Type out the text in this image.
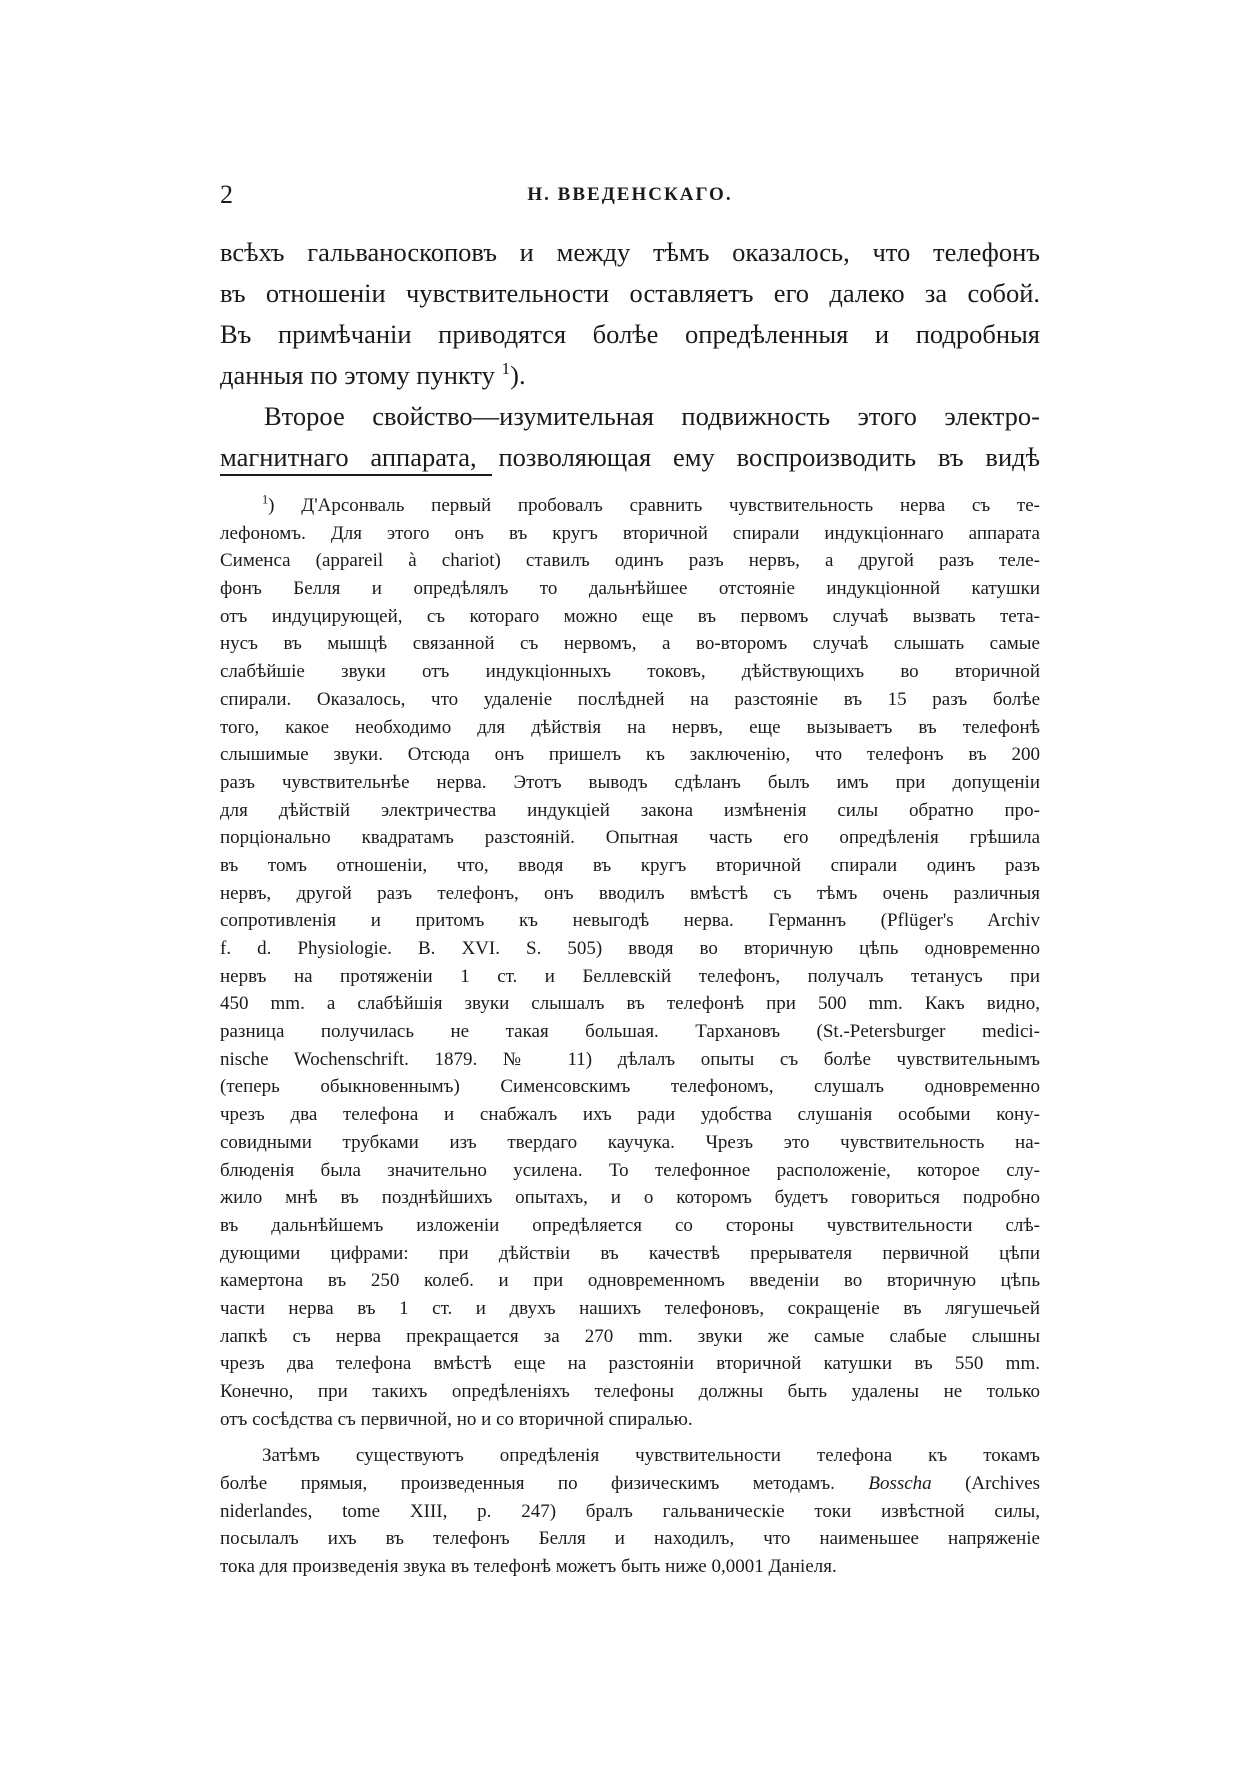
2	Н. ВВЕДЕНСКАГО.
всѣхъ гальваноскоповъ и между тѣмъ оказалось, что телефонъ
въ отношеніи чувствительности оставляетъ его далеко за собой.
Въ примѣчаніи приводятся болѣе опредѣленныя и подробныя
данныя по этому пункту $^1$).
Второе свойство—изумительная подвижность этого электро-
магнитнаго аппарата, позволяющая ему воспроизводить въ видѣ
$^1$) Д'Арсонваль первый пробовалъ сравнить чувствительность нерва съ те-
лефономъ. Для этого онъ въ кругъ вторичной спирали индукціоннаго аппарата
Сименса (appareil à chariot) ставилъ одинъ разъ нервъ, а другой разъ теле-
фонъ Белля и опредѣлялъ то дальнѣйшее отстояніе индукціонной катушки
отъ индуцирующей, съ котораго можно еще въ первомъ случаѣ вызвать тета-
нусъ въ мышцѣ связанной съ нервомъ, а во-второмъ случаѣ слышать самые
слабѣйшіе звуки отъ индукціонныхъ токовъ, дѣйствующихъ во вторичной
спирали. Оказалось, что удаленіе послѣдней на разстояніе въ 15 разъ болѣе
того, какое необходимо для дѣйствія на нервъ, еще вызываетъ въ телефонѣ
слышимые звуки. Отсюда онъ пришелъ къ заключенію, что телефонъ въ 200
разъ чувствительнѣе нерва. Этотъ выводъ сдѣланъ былъ имъ при допущеніи
для дѣйствій электричества индукціей закона измѣненія силы обратно про-
порціонально квадратамъ разстояній. Опытная часть его опредѣленія грѣшила
въ томъ отношеніи, что, вводя въ кругъ вторичной спирали одинъ разъ
нервъ, другой разъ телефонъ, онъ вводилъ вмѣстѣ съ тѣмъ очень различныя
сопротивленія и притомъ къ невыгодѣ нерва. Германнъ (Pflüger's Archiv
f. d. Physiologie. B. XVI. S. 505) вводя во вторичную цѣпь одновременно
нервъ на протяженіи 1 ст. и Беллевскій телефонъ, получалъ тетанусъ при
450 mm. а слабѣйшія звуки слышалъ въ телефонѣ при 500 mm. Какъ видно,
разница получилась не такая большая. Тархановъ (St.-Petersburger medici-
nische Wochenschrift. 1879. № 11) дѣлалъ опыты съ болѣе чувствительнымъ
(теперь обыкновеннымъ) Сименсовскимъ телефономъ, слушалъ одновременно
чрезъ два телефона и снабжалъ ихъ ради удобства слушанія особыми кону-
совидными трубками изъ твердаго каучука. Чрезъ это чувствительность на-
блюденія была значительно усилена. То телефонное расположеніе, которое слу-
жило мнѣ въ позднѣйшихъ опытахъ, и о которомъ будетъ говориться подробно
въ дальнѣйшемъ изложеніи опредѣляется со стороны чувствительности слѣ-
дующими цифрами: при дѣйствіи въ качествѣ прерывателя первичной цѣпи
камертона въ 250 колеб. и при одновременномъ введеніи во вторичную цѣпь
части нерва въ 1 ст. и двухъ нашихъ телефоновъ, сокращеніе въ лягушечьей
лапкѣ съ нерва прекращается за 270 mm. звуки же самые слабые слышны
чрезъ два телефона вмѣстѣ еще на разстояніи вторичной катушки въ 550 mm.
Конечно, при такихъ опредѣленіяхъ телефоны должны быть удалены не только
отъ сосѣдства съ первичной, но и со вторичной спиралью.
Затѣмъ существуютъ опредѣленія чувствительности телефона къ токамъ
болѣе прямыя, произведенныя по физическимъ методамъ. Bosscha (Archives
niderlandes, tome XIII, p. 247) бралъ гальваническіе токи извѣстной силы,
посылалъ ихъ въ телефонъ Белля и находилъ, что наименьшее напряженіе
тока для произведенія звука въ телефонѣ можетъ быть ниже 0,0001 Даніеля.
